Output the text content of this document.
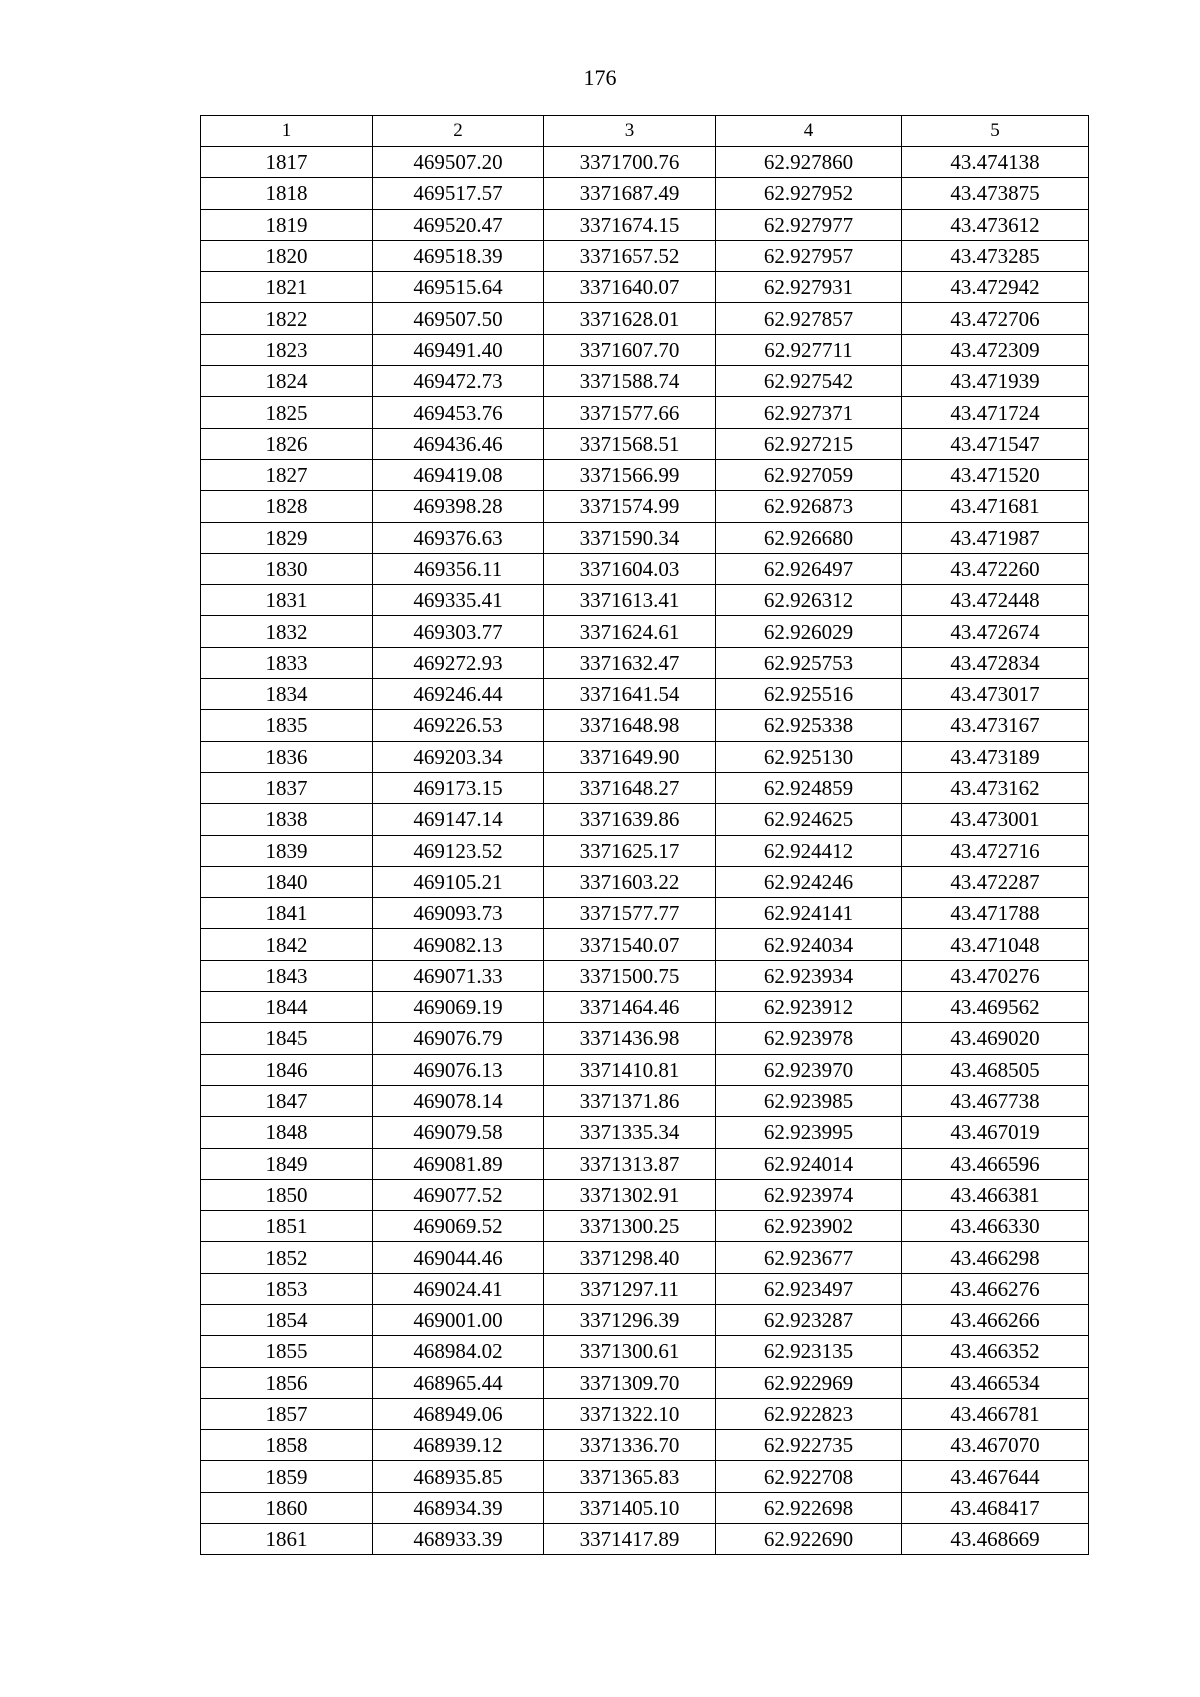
176
1	2	3	4	5
1817	469507.20	3371700.76	62.927860	43.474138
1818	469517.57	3371687.49	62.927952	43.473875
1819	469520.47	3371674.15	62.927977	43.473612
1820	469518.39	3371657.52	62.927957	43.473285
1821	469515.64	3371640.07	62.927931	43.472942
1822	469507.50	3371628.01	62.927857	43.472706
1823	469491.40	3371607.70	62.927711	43.472309
1824	469472.73	3371588.74	62.927542	43.471939
1825	469453.76	3371577.66	62.927371	43.471724
1826	469436.46	3371568.51	62.927215	43.471547
1827	469419.08	3371566.99	62.927059	43.471520
1828	469398.28	3371574.99	62.926873	43.471681
1829	469376.63	3371590.34	62.926680	43.471987
1830	469356.11	3371604.03	62.926497	43.472260
1831	469335.41	3371613.41	62.926312	43.472448
1832	469303.77	3371624.61	62.926029	43.472674
1833	469272.93	3371632.47	62.925753	43.472834
1834	469246.44	3371641.54	62.925516	43.473017
1835	469226.53	3371648.98	62.925338	43.473167
1836	469203.34	3371649.90	62.925130	43.473189
1837	469173.15	3371648.27	62.924859	43.473162
1838	469147.14	3371639.86	62.924625	43.473001
1839	469123.52	3371625.17	62.924412	43.472716
1840	469105.21	3371603.22	62.924246	43.472287
1841	469093.73	3371577.77	62.924141	43.471788
1842	469082.13	3371540.07	62.924034	43.471048
1843	469071.33	3371500.75	62.923934	43.470276
1844	469069.19	3371464.46	62.923912	43.469562
1845	469076.79	3371436.98	62.923978	43.469020
1846	469076.13	3371410.81	62.923970	43.468505
1847	469078.14	3371371.86	62.923985	43.467738
1848	469079.58	3371335.34	62.923995	43.467019
1849	469081.89	3371313.87	62.924014	43.466596
1850	469077.52	3371302.91	62.923974	43.466381
1851	469069.52	3371300.25	62.923902	43.466330
1852	469044.46	3371298.40	62.923677	43.466298
1853	469024.41	3371297.11	62.923497	43.466276
1854	469001.00	3371296.39	62.923287	43.466266
1855	468984.02	3371300.61	62.923135	43.466352
1856	468965.44	3371309.70	62.922969	43.466534
1857	468949.06	3371322.10	62.922823	43.466781
1858	468939.12	3371336.70	62.922735	43.467070
1859	468935.85	3371365.83	62.922708	43.467644
1860	468934.39	3371405.10	62.922698	43.468417
1861	468933.39	3371417.89	62.922690	43.468669
